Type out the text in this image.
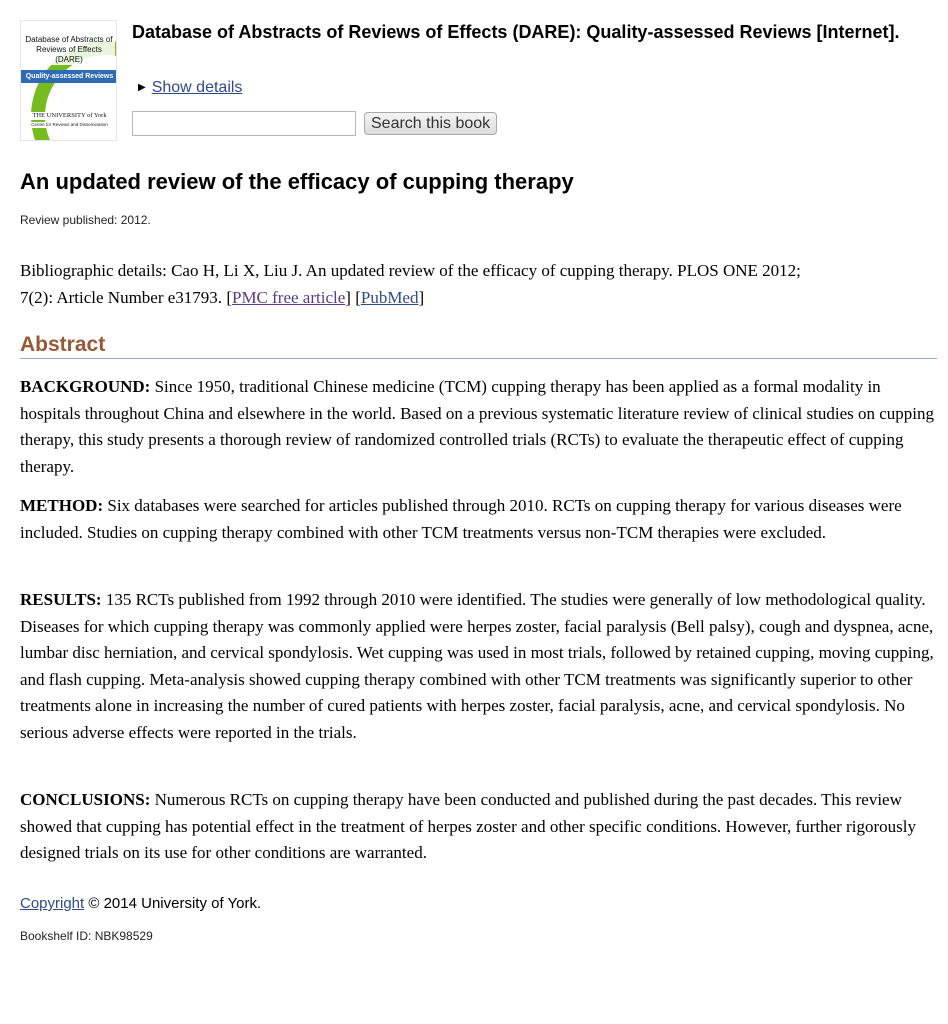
Database of Abstracts of Reviews of Effects (DARE)
Quality-assessed Reviews
THE UNIVERSITY of York
Centre for Reviews and Dissemination
Database of Abstracts of Reviews of Effects (DARE): Quality-assessed Reviews [Internet].
▶ Show details
Search this book
An updated review of the efficacy of cupping therapy
Review published: 2012.
Bibliographic details: Cao H, Li X, Liu J. An updated review of the efficacy of cupping therapy. PLOS ONE 2012; 7(2): Article Number e31793. [PMC free article] [PubMed]
Abstract

BACKGROUND: Since 1950, traditional Chinese medicine (TCM) cupping therapy has been applied as a formal modality in hospitals throughout China and elsewhere in the world. Based on a previous systematic literature review of clinical studies on cupping therapy, this study presents a thorough review of randomized controlled trials (RCTs) to evaluate the therapeutic effect of cupping therapy.

METHOD: Six databases were searched for articles published through 2010. RCTs on cupping therapy for various diseases were included. Studies on cupping therapy combined with other TCM treatments versus non-TCM therapies were excluded.

RESULTS: 135 RCTs published from 1992 through 2010 were identified. The studies were generally of low methodological quality. Diseases for which cupping therapy was commonly applied were herpes zoster, facial paralysis (Bell palsy), cough and dyspnea, acne, lumbar disc herniation, and cervical spondylosis. Wet cupping was used in most trials, followed by retained cupping, moving cupping, and flash cupping. Meta-analysis showed cupping therapy combined with other TCM treatments was significantly superior to other treatments alone in increasing the number of cured patients with herpes zoster, facial paralysis, acne, and cervical spondylosis. No serious adverse effects were reported in the trials.

CONCLUSIONS: Numerous RCTs on cupping therapy have been conducted and published during the past decades. This review showed that cupping has potential effect in the treatment of herpes zoster and other specific conditions. However, further rigorously designed trials on its use for other conditions are warranted.

Copyright © 2014 University of York.
Bookshelf ID: NBK98529
